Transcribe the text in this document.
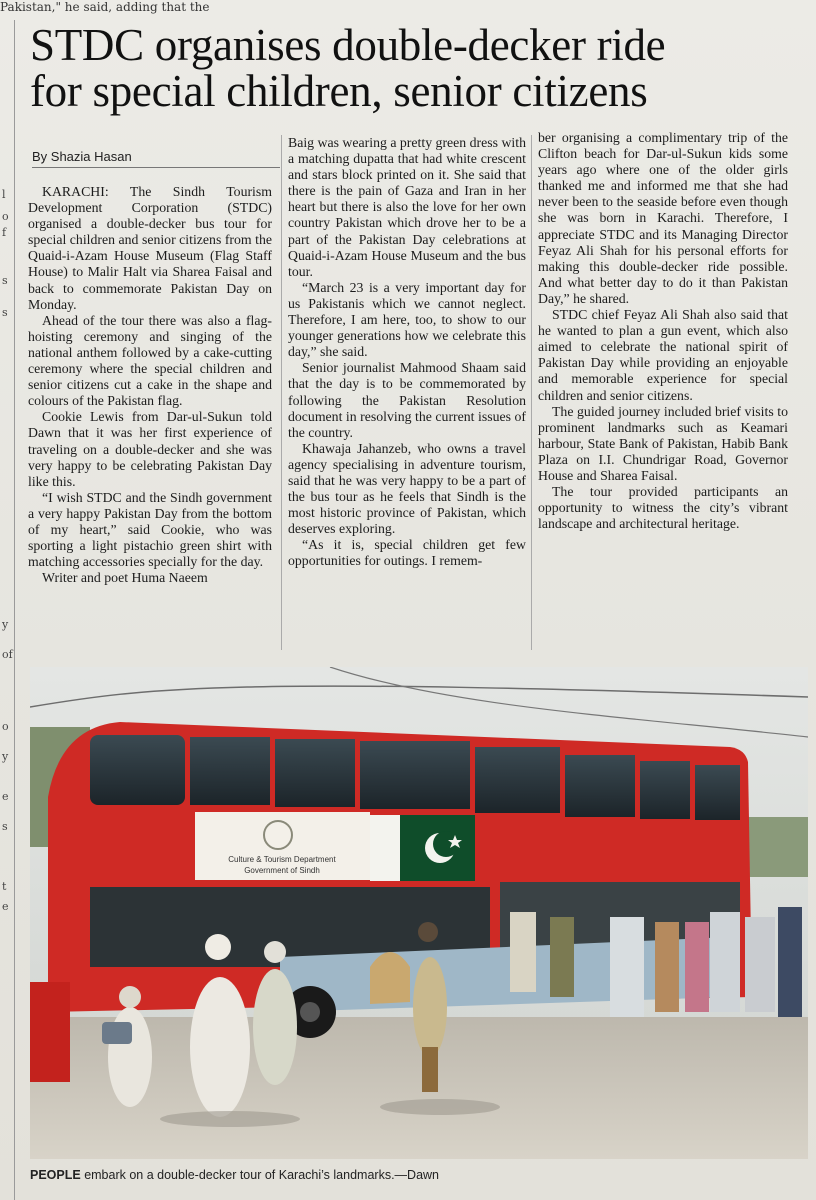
Pakistan," he said, adding that the
l
o
f
s
s
y
of
o
y
e
s
t
e
STDC organises double-decker ride
for special children, senior citizens
By Shazia Hasan

KARACHI: The Sindh Tourism Development Corporation (STDC) organised a double-decker bus tour for special children and senior citizens from the Quaid-i-Azam House Museum (Flag Staff House) to Malir Halt via Sharea Faisal and back to commemorate Pakistan Day on Monday.

Ahead of the tour there was also a flag-hoisting ceremony and singing of the national anthem followed by a cake-cutting ceremony where the special children and senior citizens cut a cake in the shape and colours of the Pakistan flag.

Cookie Lewis from Dar-ul-Sukun told Dawn that it was her first experience of traveling on a double-decker and she was very happy to be celebrating Pakistan Day like this.

“I wish STDC and the Sindh government a very happy Pakistan Day from the bottom of my heart,” said Cookie, who was sporting a light pistachio green shirt with matching accessories specially for the day.

Writer and poet Huma Naeem

Baig was wearing a pretty green dress with a matching dupatta that had white crescent and stars block printed on it. She said that there is the pain of Gaza and Iran in her heart but there is also the love for her own country Pakistan which drove her to be a part of the Pakistan Day celebrations at Quaid-i-Azam House Museum and the bus tour.

“March 23 is a very important day for us Pakistanis which we cannot neglect. Therefore, I am here, too, to show to our younger generations how we celebrate this day,” she said.

Senior journalist Mahmood Shaam said that the day is to be commemorated by following the Pakistan Resolution document in resolving the current issues of the country.

Khawaja Jahanzeb, who owns a travel agency specialising in adventure tourism, said that he was very happy to be a part of the bus tour as he feels that Sindh is the most historic province of Pakistan, which deserves exploring.

“As it is, special children get few opportunities for outings. I remem-

ber organising a complimentary trip of the Clifton beach for Dar-ul-Sukun kids some years ago where one of the older girls thanked me and informed me that she had never been to the seaside before even though she was born in Karachi. Therefore, I appreciate STDC and its Managing Director Feyaz Ali Shah for his personal efforts for making this double-decker ride possible. And what better day to do it than Pakistan Day,” he shared.

STDC chief Feyaz Ali Shah also said that he wanted to plan a gun event, which also aimed to celebrate the national spirit of Pakistan Day while providing an enjoyable and memorable experience for special children and senior citizens.

The guided journey included brief visits to prominent landmarks such as Keamari harbour, State Bank of Pakistan, Habib Bank Plaza on I.I. Chundrigar Road, Governor House and Sharea Faisal.

The tour provided participants an opportunity to witness the city’s vibrant landscape and architectural heritage.

Culture & Tourism Department
Government of Sindh
PEOPLE embark on a double-decker tour of Karachi’s landmarks.—Dawn
